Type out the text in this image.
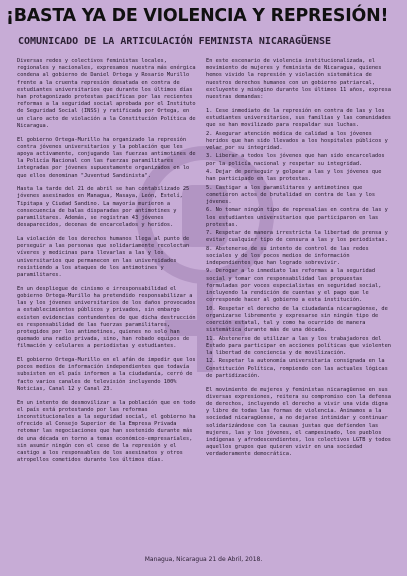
¡BASTA YA DE VIOLENCIA Y REPRESIÓN!
COMUNICADO DE LA ARTICULACIÓN FEMINISTA NICARAGÜENSE

Diversas redes y colectivos feministas locales, regionales y nacionales, expresamos nuestra más enérgica condena al gobierno de Daniel Ortega y Rosario Murillo frente a la cruenta represión desatada en contra de estudiantes universitarios que durante los últimos días han protagonizado protestas pacíficas por las recientes reformas a la seguridad social aprobada por el Instituto de Seguridad Social (INSS) y ratificada por Ortega, en un claro acto de violación a la Constitución Política de Nicaragua.

El gobierno Ortega-Murillo ha organizado la represión contra jóvenes universitarios y la población que les apoya activamente, conjugando las fuerzas antimotines de la Policía Nacional con las fuerzas paramilitares integradas por jóvenes supuestamente organizados en lo que ellos denominan "Juventud Sandinista".

Hasta la tarde del 21 de abril se han contabilizado 25 jóvenes asesinados en Managua, Masaya, León, Estelí, Tipitapa y Ciudad Sandino. La mayoría murieron a consecuencia de balas disparadas por antimotines y paramilitares. Además, se registran 43 jóvenes desaparecidos, decenas de encarcelados y heridos.

La violación de los derechos humanos llega al punto de perseguir a las personas que solidariamente recolectan víveres y medicinas para llevarlas a las y los universitarios que permanecen en las universidades resistiendo a los ataques de los antimotines y paramilitares.

En un despliegue de cinismo e irresponsabilidad el gobierno Ortega-Murillo ha pretendido responsabilizar a las y los jóvenes universitarios de los daños provocados a establecimientos públicos y privados, sin embargo existen evidencias contundentes de que dicha destrucción es responsabilidad de las fuerzas paramilitares, protegidos por los antimotines, quienes no solo han quemado una radio privada, sino, han robado equipos de filmación y celulares a periodistas y estudiantes.

El gobierno Ortega-Murillo en el afán de impedir que los pocos medios de información independientes que todavía subsisten en el país informen a la ciudadanía, cerró de facto varios canales de televisión incluyendo 100% Noticias, Canal 12 y Canal 23.

En un intento de desmovilizar a la población que en todo el país está protestando por las reformas inconstitucionales a la seguridad social, el gobierno ha ofrecido al Consejo Superior de la Empresa Privada retomar las negociaciones que han sostenido durante más de una década en torno a temas económico-empresariales, sin asumir ningún con el cese de la represión y el castigo a los responsables de los asesinatos y otros atropellos cometidos durante los últimos días.

En este escenario de violencia institucionalizada, el movimiento de mujeres y feminista de Nicaragua, quienes hemos vivido la represión y violación sistemática de nuestros derechos humanos con un gobierno patriarcal, excluyente y misógino durante los últimos 11 años, expresa nuestras demandas:

1. Cese inmediato de la represión en contra de las y los estudiantes universitarios, sus familias y las comunidades que se han movilizado para respaldar sus luchas.

2. Asegurar atención médica de calidad a los jóvenes heridos que han sido llevados a los hospitales públicos y velar por su integridad.

3. Liberar a todos los jóvenes que han sido encarcelados por la policía nacional y respetar su integridad.

4. Dejar de perseguir y golpear a las y los jóvenes que han participado en las protestas.

5. Castigar a los paramilitares y antimotines que cometieron actos de brutalidad en contra de las y los jóvenes.

6. No tomar ningún tipo de represalias en contra de las y los estudiantes universitarios que participaron en las protestas.

7. Respetar de manera irrestricta la libertad de prensa y evitar cualquier tipo de censura a las y los periodistas.

8. Abstenerse de su intento de control de las redes sociales y de los pocos medios de información independientes que han logrado sobrevivir.

9. Derogar a lo inmediato las reformas a la seguridad social y tomar con responsabilidad las propuestas formuladas por voces especialistas en seguridad social, incluyendo la rendición de cuentas y el pago que le corresponde hacer al gobierno a esta institución.

10. Respetar el derecho de la ciudadanía nicaragüense, de organizarse libremente y expresarse sin ningún tipo de coerción estatal, tal y como ha ocurrido de manera sistemática durante más de una década.

11. Abstenerse de utilizar a las y los trabajadores del Estado para participar en acciones políticas que violenten la libertad de conciencia y de movilización.

12. Respetar la autonomía universitaria consignada en la Constitución Política, rompiendo con las actuales lógicas de partidización.

El movimiento de mujeres y feministas nicaragüense en sus diversas expresiones, reitera su compromiso con la defensa de derechos, incluyendo el derecho a vivir una vida digna y libre de todas las formas de violencia. Animamos a la sociedad nicaragüense, a no dejarse intimidar y continuar solidarizándose con la causas justas que defienden las mujeres, las y los jóvenes, el campesinado, los pueblos indígenas y afrodescendientes, los colectivos LGTB y todos aquellos grupos que quieren vivir en una sociedad verdaderamente democrática.

Managua, Nicaragua 21 de Abril, 2018.
